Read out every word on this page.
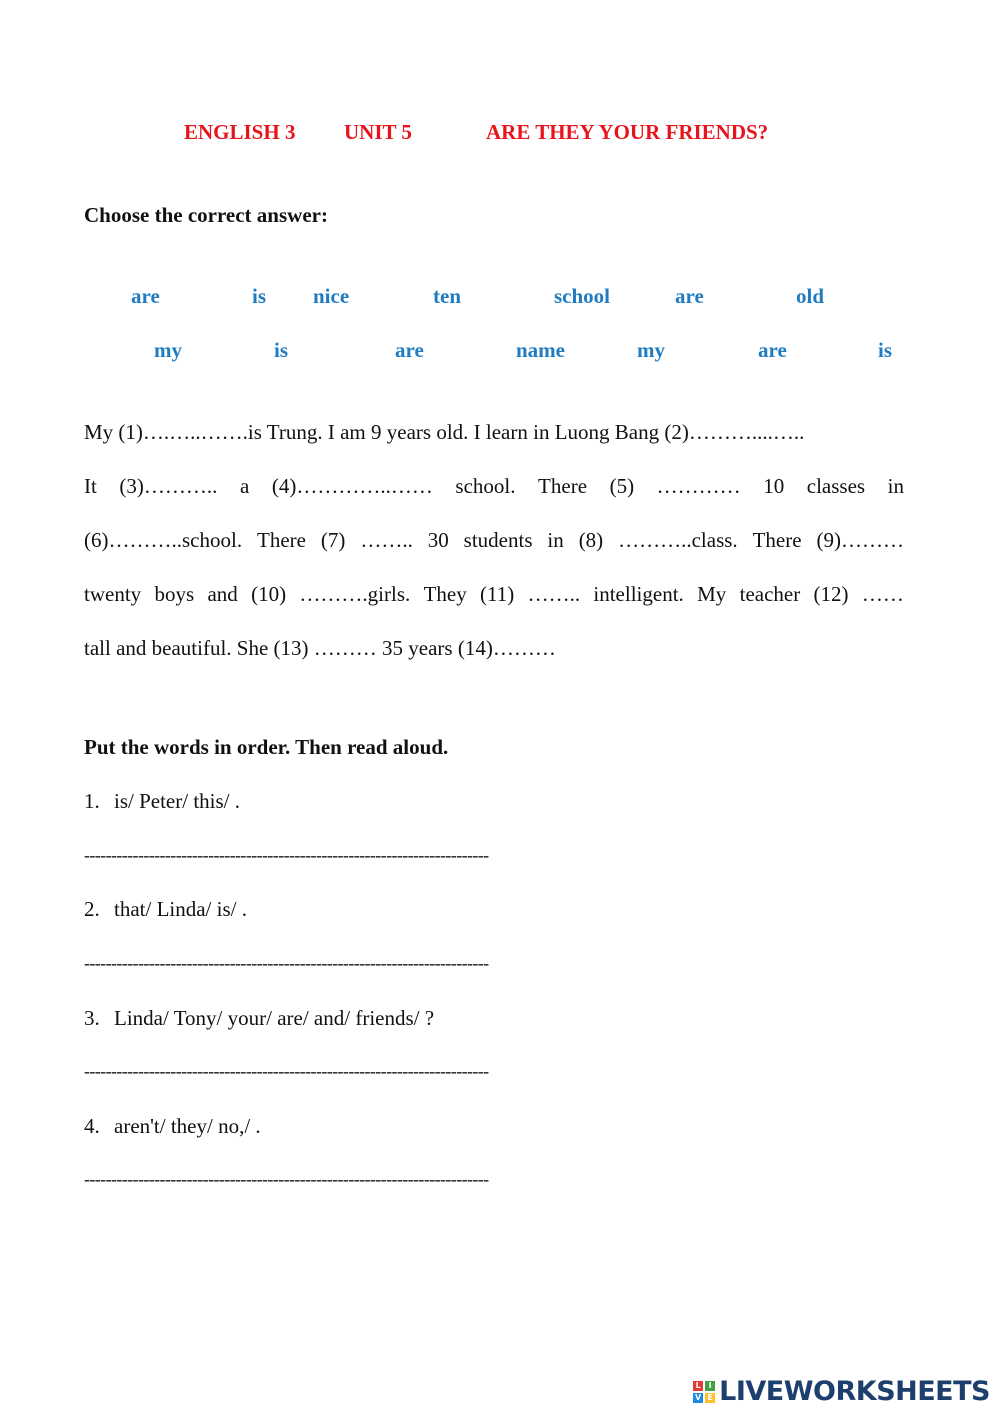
ENGLISH 3 UNIT 5	ARE THEY YOUR FRIENDS?
Choose the correct answer:
are	is nice	ten	school	are	old
my	is	are	name	my	are	is
My (1)….…..…….is Trung. I am 9 years old. I learn in Luong Bang (2)………....…..
It (3)……….. a (4)…………..…… school. There (5) ………… 10 classes in
(6)………..school. There (7) …….. 30 students in (8) ………..class. There (9)………
twenty boys and (10) ……….girls. They (11) …….. intelligent. My teacher (12) ……
tall and beautiful. She (13) ……… 35 years (14)………
Put the words in order. Then read aloud.
1. is/ Peter/ this/ .
---------------------------------------------------------------------------
2. that/ Linda/ is/ .
---------------------------------------------------------------------------
3. Linda/ Tony/ your/ are/ and/ friends/ ?
---------------------------------------------------------------------------
4. aren't/ they/ no,/ .
---------------------------------------------------------------------------
L I
V E LIVEWORKSHEETS
